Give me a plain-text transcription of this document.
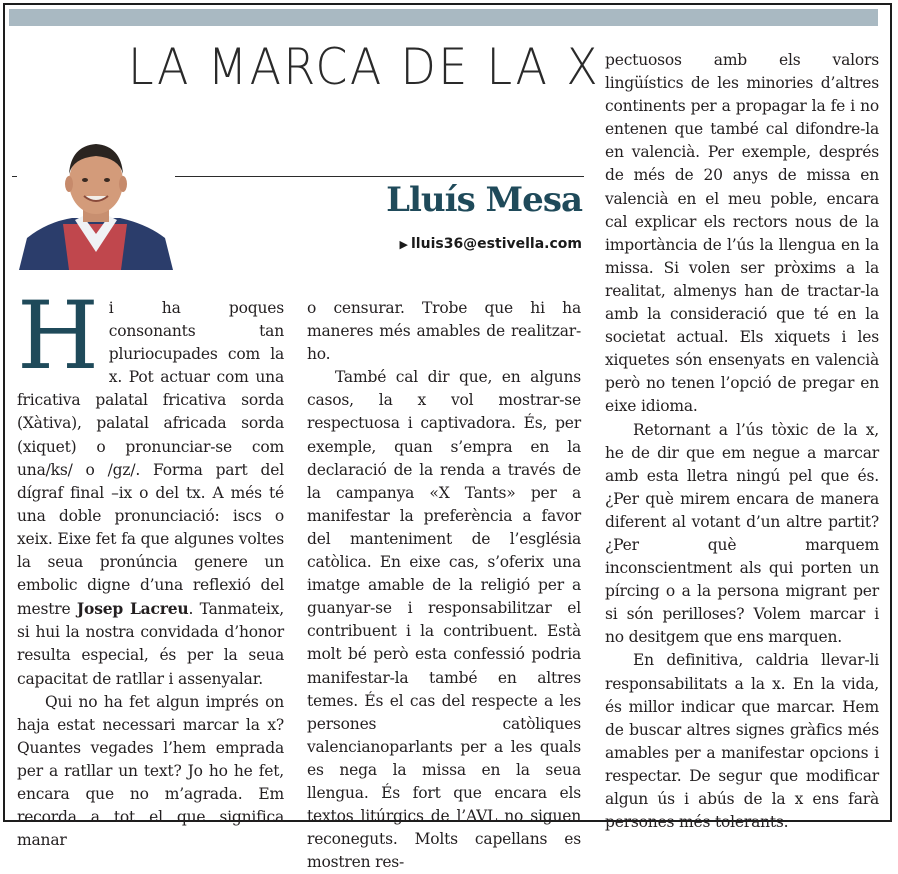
LA MARCA DE LA X
Lluís Mesa
▶ lluis36@estivella.com

Hi ha poques consonants tan pluriocupades com la x. Pot actuar com una fricativa palatal fricativa sorda (Xàtiva), palatal africada sorda (xiquet) o pronunciar-se com una/ks/ o /gz/. Forma part del dígraf final –ix o del tx. A més té una doble pronunciació: iscs o xeix. Eixe fet fa que algunes voltes la seua pronúncia genere un embolic digne d’una reflexió del mestre Josep Lacreu. Tanmateix, si hui la nostra convidada d’honor resulta especial, és per la seua capacitat de ratllar i assenyalar.

Qui no ha fet algun imprés on haja estat necessari marcar la x? Quantes vegades l’hem emprada per a ratllar un text? Jo ho he fet, encara que no m’agrada. Em recorda a tot el que significa manar

o censurar. Trobe que hi ha maneres més amables de realitzar-ho.

També cal dir que, en alguns casos, la x vol mostrar-se respectuosa i captivadora. És, per exemple, quan s’empra en la declaració de la renda a través de la campanya «X Tants» per a manifestar la preferència a favor del manteniment de l’església catòlica. En eixe cas, s’oferix una imatge amable de la religió per a guanyar-se i responsabilitzar el contribuent i la contribuent. Està molt bé però esta confessió podria manifestar-la també en altres temes. És el cas del respecte a les persones catòliques valencianoparlants per a les quals es nega la missa en la seua llengua. És fort que encara els textos litúrgics de l’AVL no siguen reconeguts. Molts capellans es mostren res-

pectuosos amb els valors lingüístics de les minories d’altres continents per a propagar la fe i no entenen que també cal difondre-la en valencià. Per exemple, després de més de 20 anys de missa en valencià en el meu poble, encara cal explicar els rectors nous de la importància de l’ús la llengua en la missa. Si volen ser pròxims a la realitat, almenys han de tractar-la amb la consideració que té en la societat actual. Els xiquets i les xiquetes són ensenyats en valencià però no tenen l’opció de pregar en eixe idioma.

Retornant a l’ús tòxic de la x, he de dir que em negue a marcar amb esta lletra ningú pel que és. ¿Per què mirem encara de manera diferent al votant d’un altre partit? ¿Per què marquem inconscientment als qui porten un pírcing o a la persona migrant per si són perilloses? Volem marcar i no desitgem que ens marquen.

En definitiva, caldria llevar-li responsabilitats a la x. En la vida, és millor indicar que marcar. Hem de buscar altres signes gràfics més amables per a manifestar opcions i respectar. De segur que modificar algun ús i abús de la x ens farà persones més tolerants.
